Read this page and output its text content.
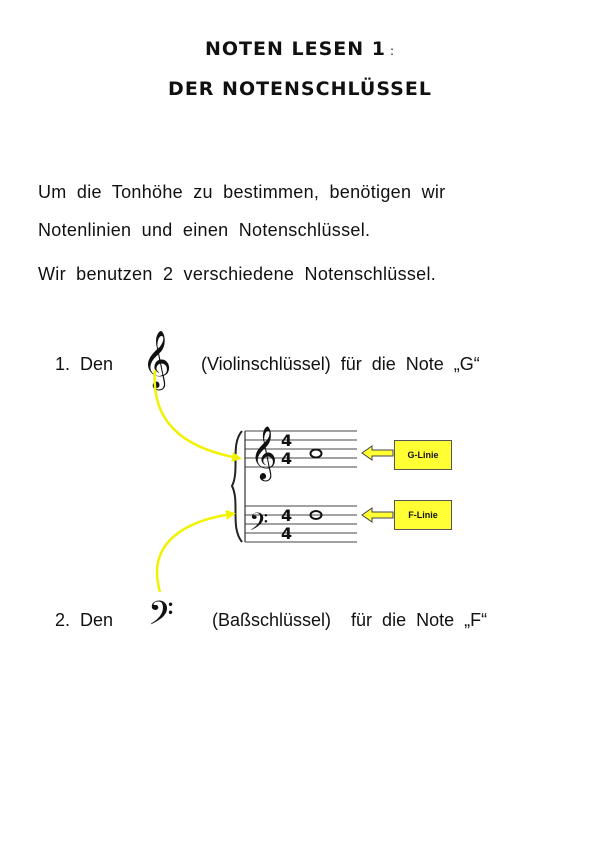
NOTEN LESEN 1 :
DER NOTENSCHLÜSSEL
Um die Tonhöhe zu bestimmen, benötigen wir
Notenlinien und einen Notenschlüssel.
Wir benutzen 2 verschiedene Notenschlüssel.
1. Den 𝄞 (Violinschlüssel) für die Note „G“
2. Den 𝄢 (Baßschlüssel) für die Note „F“
𝄞
𝄢
4
4
4
4
G-Linie
F-Linie
